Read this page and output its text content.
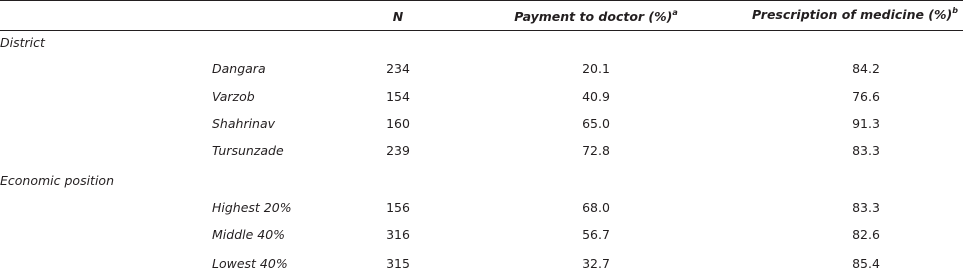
N	Payment to doctor (%)$^a$	Prescription of medicine (%)$^b$
District
Dangara	234	20.1	84.2
Varzob	154	40.9	76.6
Shahrinav	160	65.0	91.3
Tursunzade	239	72.8	83.3
Economic position
Highest 20%	156	68.0	83.3
Middle 40%	316	56.7	82.6
Lowest 40%	315	32.7	85.4
